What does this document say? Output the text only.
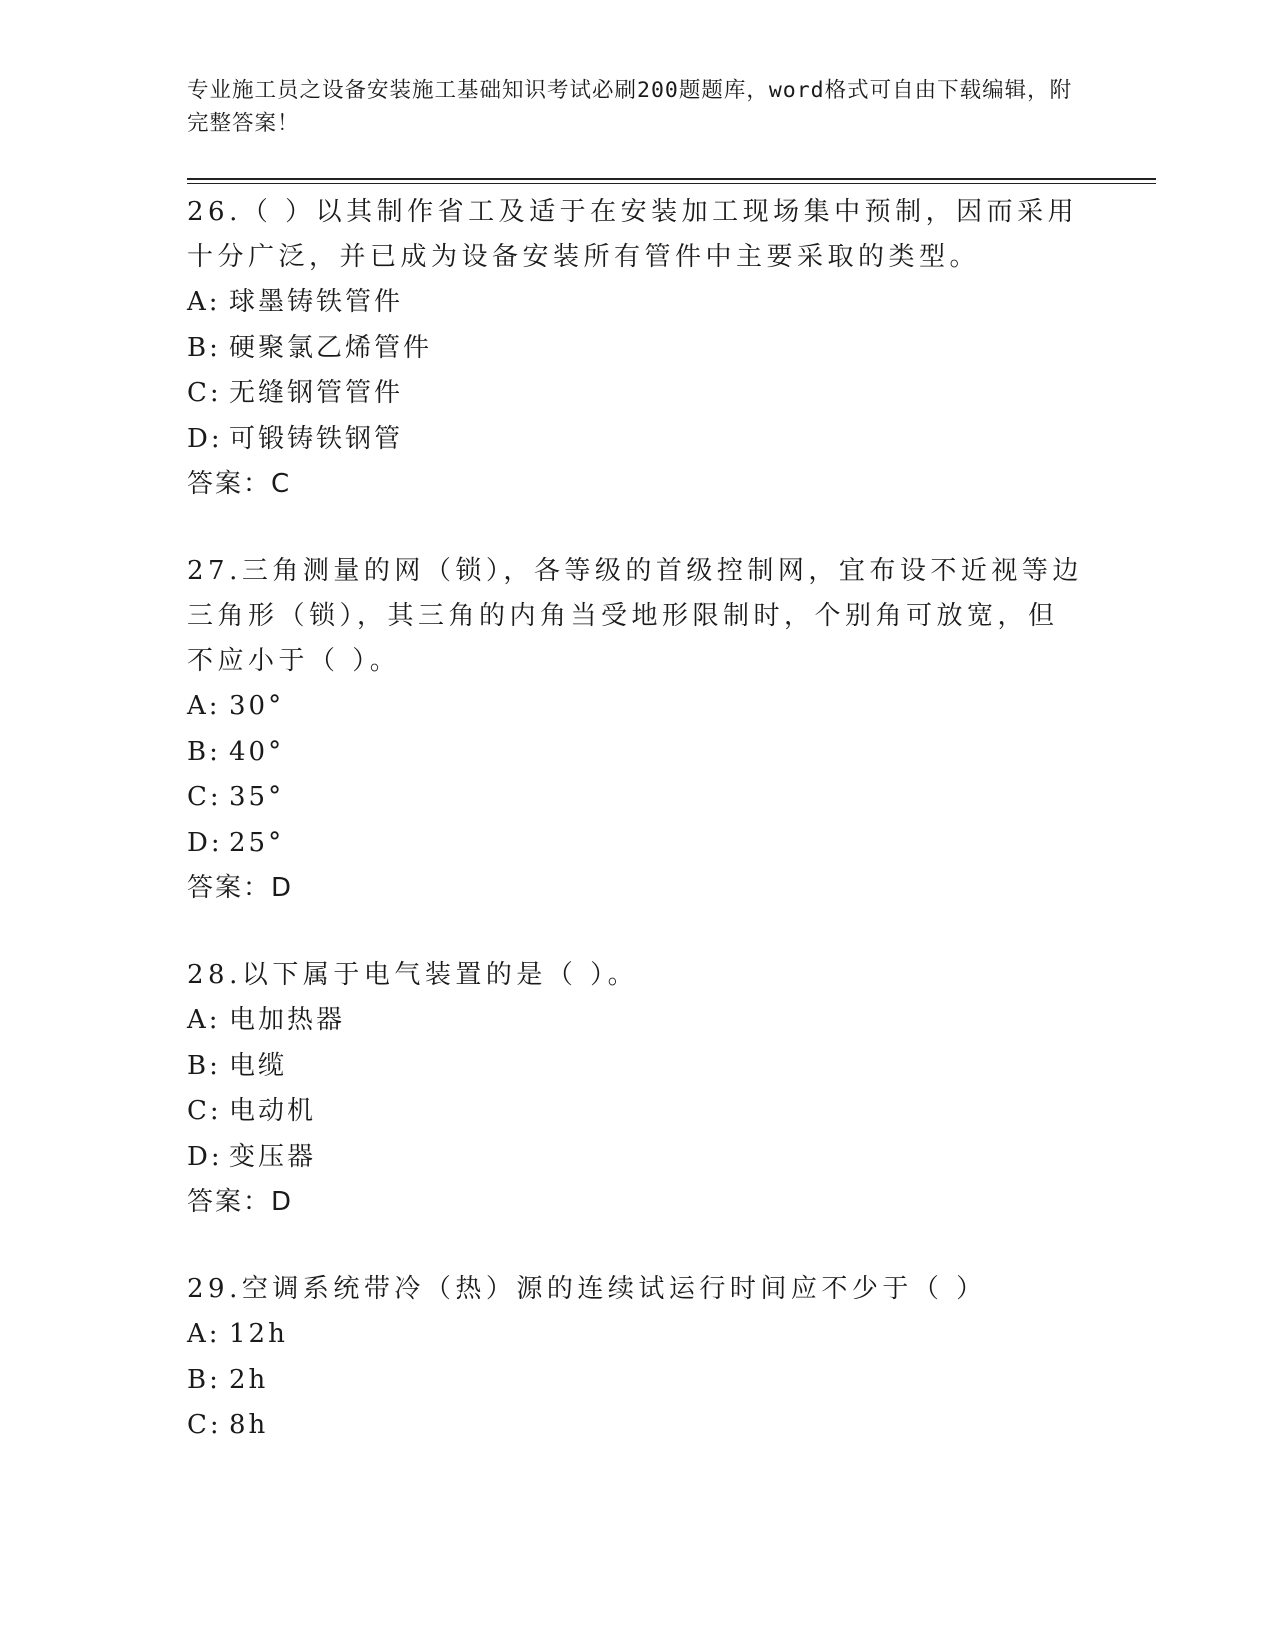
专业施工员之设备安装施工基础知识考试必刷200题题库，word格式可自由下载编辑，附完整答案！

26.（ ）以其制作省工及适于在安装加工现场集中预制，因而采用十分广泛，并已成为设备安装所有管件中主要采取的类型。

A: 球墨铸铁管件

B: 硬聚氯乙烯管件

C: 无缝钢管管件

D: 可锻铸铁钢管

答案：C

27.三角测量的网（锁），各等级的首级控制网，宜布设不近视等边三角形（锁），其三角的内角当受地形限制时，个别角可放宽，但不应小于（ ）。

A: 30°

B: 40°

C: 35°

D: 25°

答案：D

28.以下属于电气装置的是（ ）。

A: 电加热器

B: 电缆

C: 电动机

D: 变压器

答案：D

29.空调系统带冷（热）源的连续试运行时间应不少于（ ）

A: 12h

B: 2h

C: 8h
